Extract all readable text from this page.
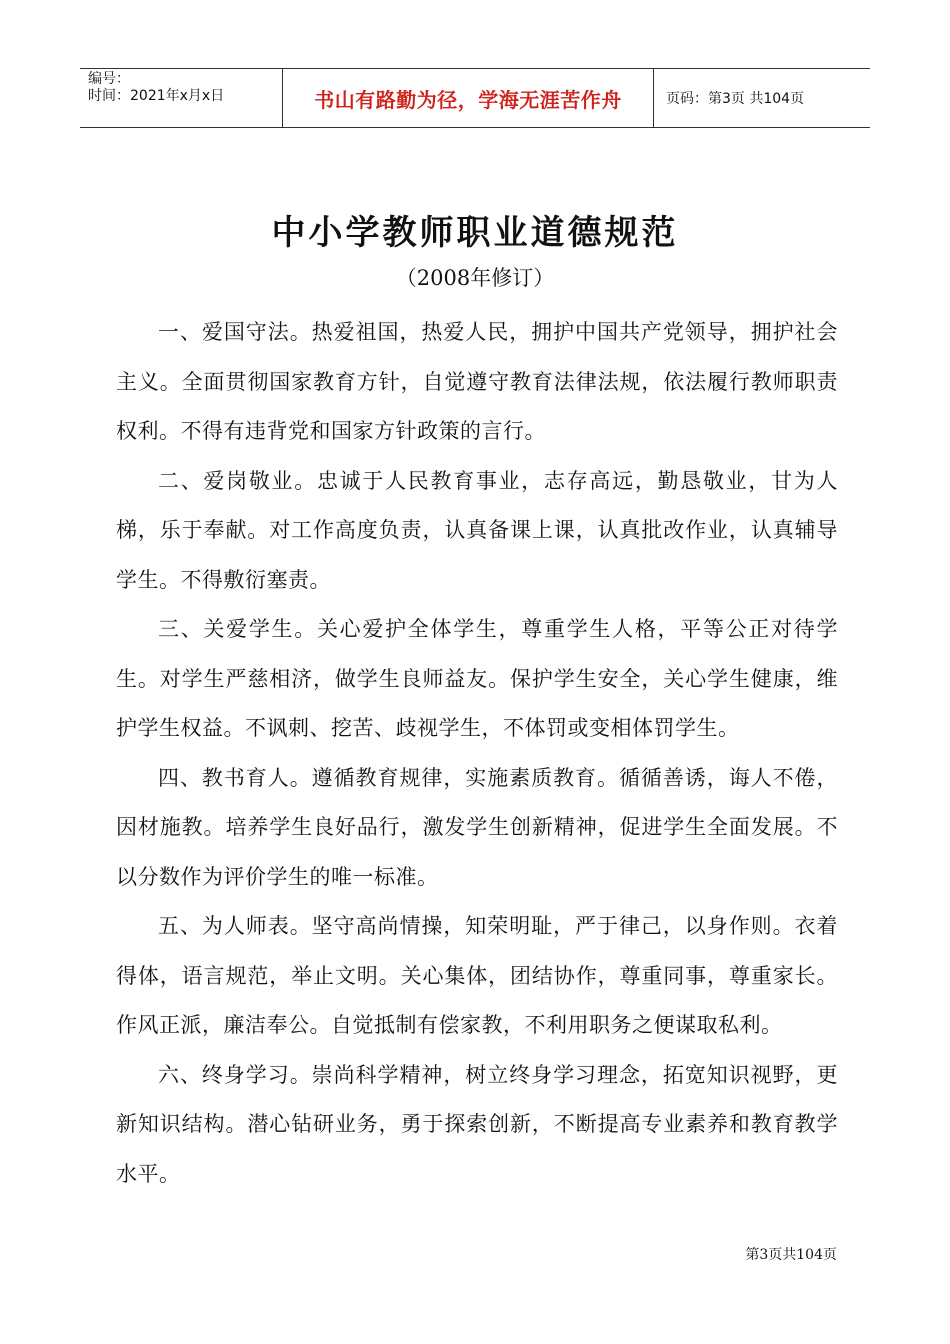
编号：
时间：2021年x月x日	书山有路勤为径，学海无涯苦作舟	页码：第3页 共104页
中小学教师职业道德规范
（2008年修订）

一、爱国守法。热爱祖国，热爱人民，拥护中国共产党领导，拥护社会主义。全面贯彻国家教育方针，自觉遵守教育法律法规，依法履行教师职责权利。不得有违背党和国家方针政策的言行。

二、爱岗敬业。忠诚于人民教育事业，志存高远，勤恳敬业，甘为人梯，乐于奉献。对工作高度负责，认真备课上课，认真批改作业，认真辅导学生。不得敷衍塞责。

三、关爱学生。关心爱护全体学生，尊重学生人格，平等公正对待学生。对学生严慈相济，做学生良师益友。保护学生安全，关心学生健康，维护学生权益。不讽刺、挖苦、歧视学生，不体罚或变相体罚学生。

四、教书育人。遵循教育规律，实施素质教育。循循善诱，诲人不倦，因材施教。培养学生良好品行，激发学生创新精神，促进学生全面发展。不以分数作为评价学生的唯一标准。

五、为人师表。坚守高尚情操，知荣明耻，严于律己，以身作则。衣着得体，语言规范，举止文明。关心集体，团结协作，尊重同事，尊重家长。作风正派，廉洁奉公。自觉抵制有偿家教，不利用职务之便谋取私利。

六、终身学习。崇尚科学精神，树立终身学习理念，拓宽知识视野，更新知识结构。潜心钻研业务，勇于探索创新，不断提高专业素养和教育教学水平。

第3页共104页
